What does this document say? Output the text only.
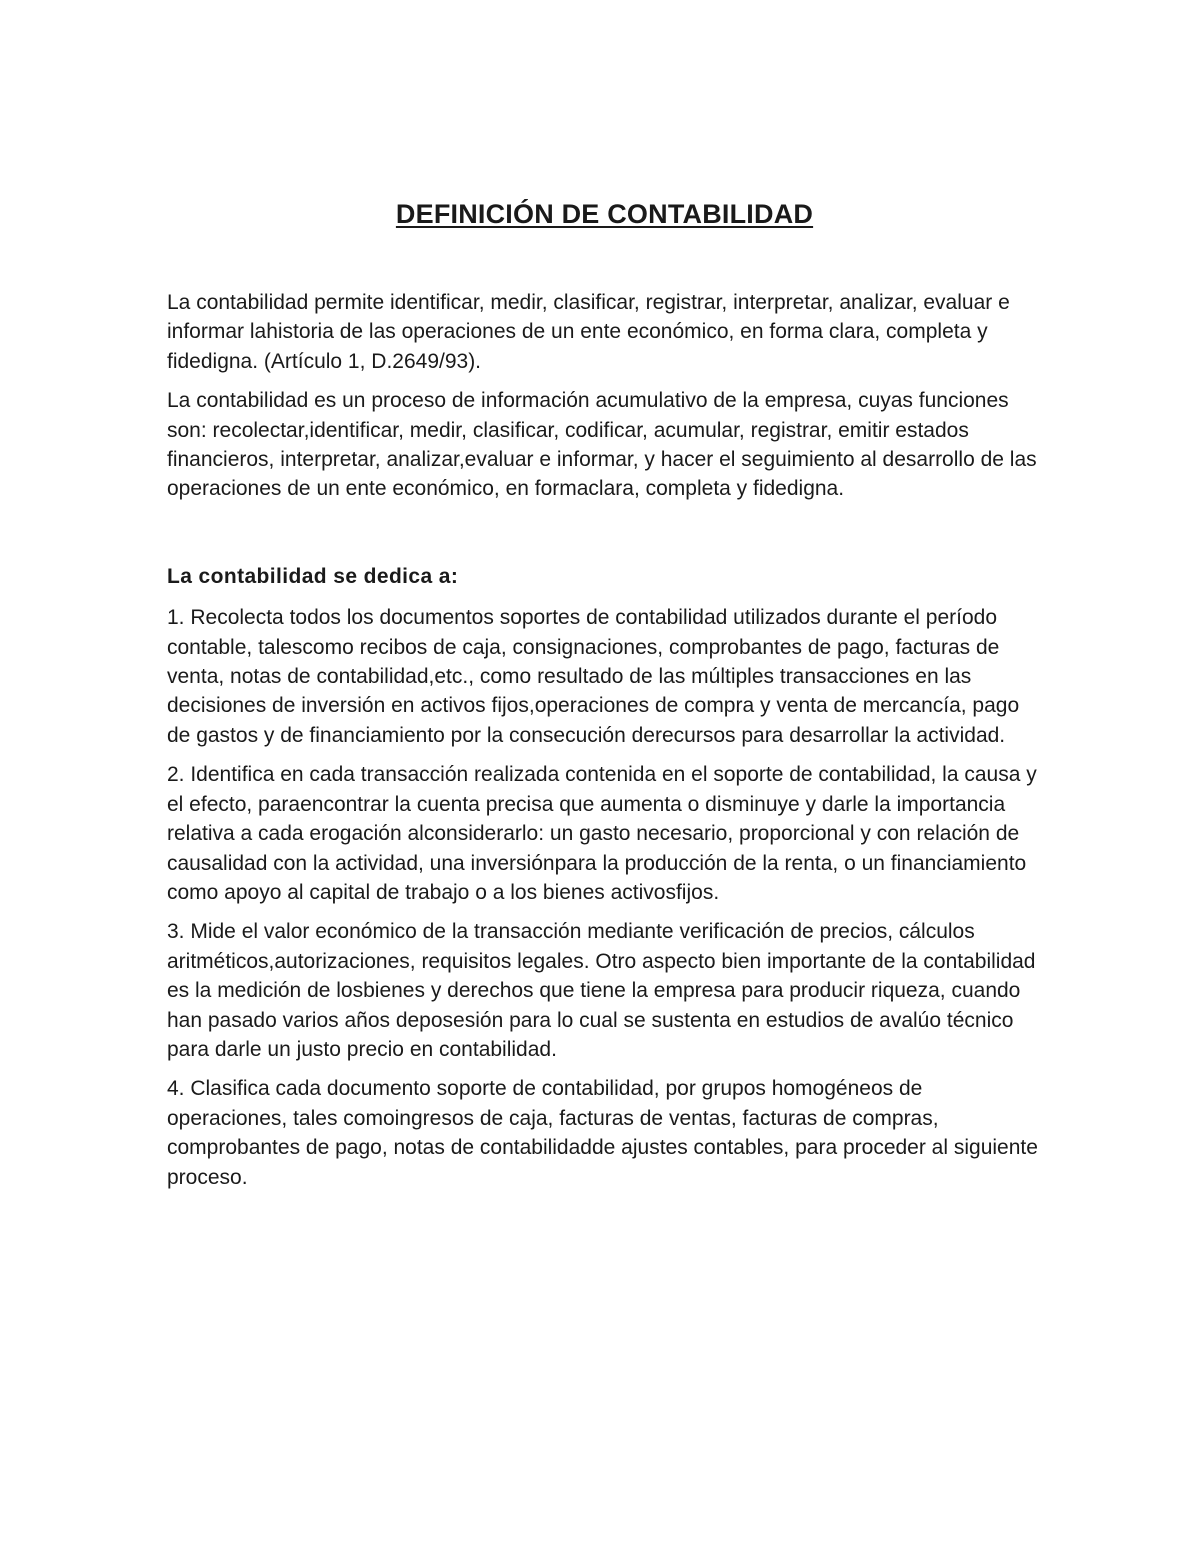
DEFINICIÓN DE CONTABILIDAD

La contabilidad permite identificar, medir, clasificar, registrar, interpretar, analizar, evaluar e informar lahistoria de las operaciones de un ente económico, en forma clara, completa y fidedigna. (Artículo 1, D.2649/93).

La contabilidad es un proceso de información acumulativo de la empresa, cuyas funciones son: recolectar,identificar, medir, clasificar, codificar, acumular, registrar, emitir estados financieros, interpretar, analizar,evaluar e informar, y hacer el seguimiento al desarrollo de las operaciones de un ente económico, en formaclara, completa y fidedigna.

La contabilidad se dedica a:

1. Recolecta todos los documentos soportes de contabilidad utilizados durante el período contable, talescomo recibos de caja, consignaciones, comprobantes de pago, facturas de venta, notas de contabilidad,etc., como resultado de las múltiples transacciones en las decisiones de inversión en activos fijos,operaciones de compra y venta de mercancía, pago de gastos y de financiamiento por la consecución derecursos para desarrollar la actividad.

2. Identifica en cada transacción realizada contenida en el soporte de contabilidad, la causa y el efecto, paraencontrar la cuenta precisa que aumenta o disminuye y darle la importancia relativa a cada erogación alconsiderarlo: un gasto necesario, proporcional y con relación de causalidad con la actividad, una inversiónpara la producción de la renta, o un financiamiento como apoyo al capital de trabajo o a los bienes activosfijos.

3. Mide el valor económico de la transacción mediante verificación de precios, cálculos aritméticos,autorizaciones, requisitos legales. Otro aspecto bien importante de la contabilidad es la medición de losbienes y derechos que tiene la empresa para producir riqueza, cuando han pasado varios años deposesión para lo cual se sustenta en estudios de avalúo técnico para darle un justo precio en contabilidad.

4. Clasifica cada documento soporte de contabilidad, por grupos homogéneos de operaciones, tales comoingresos de caja, facturas de ventas, facturas de compras, comprobantes de pago, notas de contabilidadde ajustes contables, para proceder al siguiente proceso.
